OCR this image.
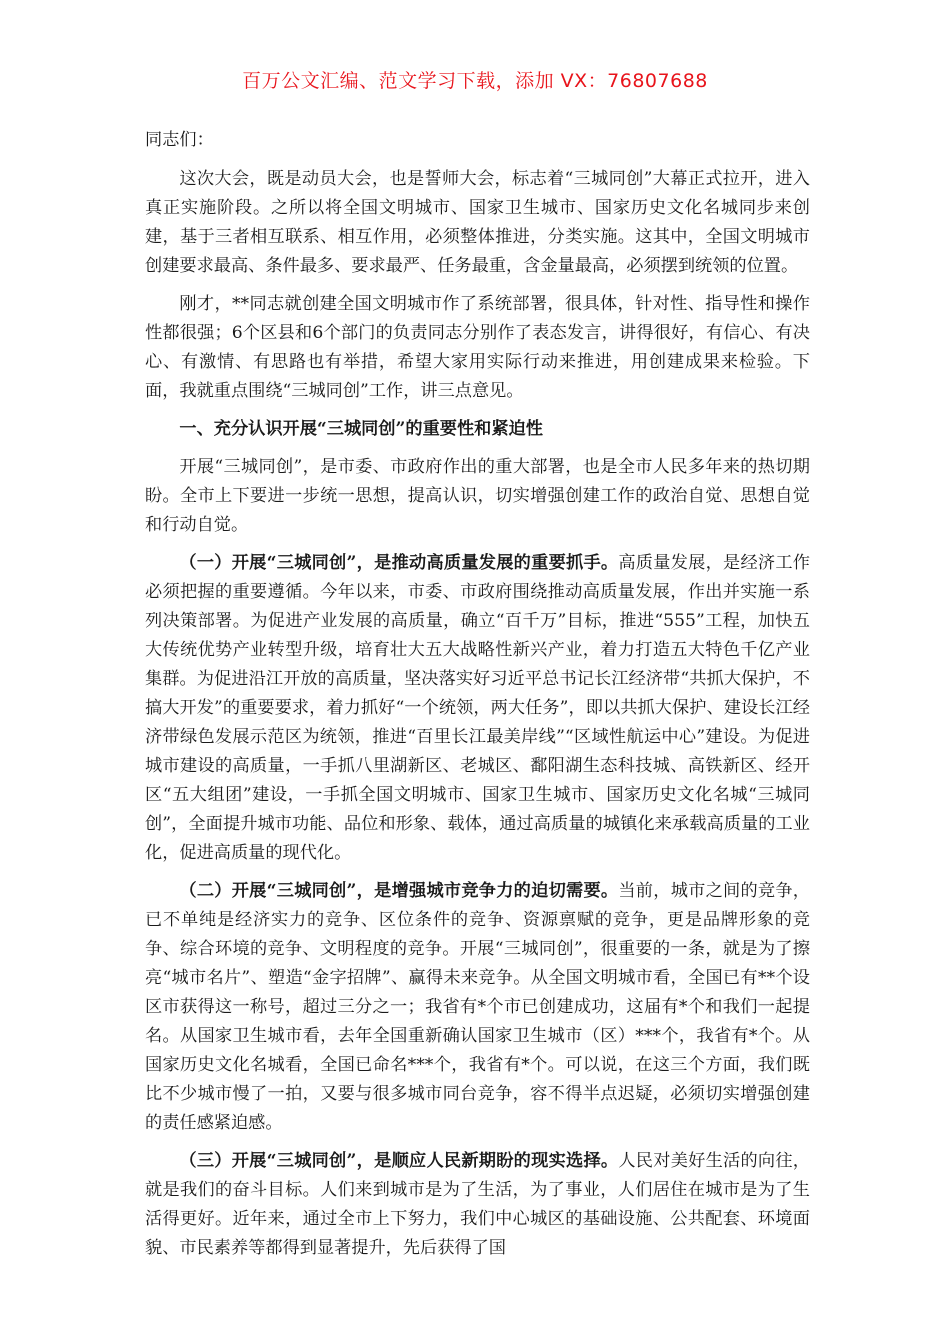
百万公文汇编、范文学习下载，添加 VX：76807688

同志们：

这次大会，既是动员大会，也是誓师大会，标志着“三城同创”大幕正式拉开，进入真正实施阶段。之所以将全国文明城市、国家卫生城市、国家历史文化名城同步来创建，基于三者相互联系、相互作用，必须整体推进，分类实施。这其中，全国文明城市创建要求最高、条件最多、要求最严、任务最重，含金量最高，必须摆到统领的位置。

刚才，**同志就创建全国文明城市作了系统部署，很具体，针对性、指导性和操作性都很强；6个区县和6个部门的负责同志分别作了表态发言，讲得很好，有信心、有决心、有激情、有思路也有举措，希望大家用实际行动来推进，用创建成果来检验。下面，我就重点围绕“三城同创”工作，讲三点意见。

一、充分认识开展“三城同创”的重要性和紧迫性

开展“三城同创”，是市委、市政府作出的重大部署，也是全市人民多年来的热切期盼。全市上下要进一步统一思想，提高认识，切实增强创建工作的政治自觉、思想自觉和行动自觉。

（一）开展“三城同创”，是推动高质量发展的重要抓手。高质量发展，是经济工作必须把握的重要遵循。今年以来，市委、市政府围绕推动高质量发展，作出并实施一系列决策部署。为促进产业发展的高质量，确立“百千万”目标，推进“555”工程，加快五大传统优势产业转型升级，培育壮大五大战略性新兴产业，着力打造五大特色千亿产业集群。为促进沿江开放的高质量，坚决落实好习近平总书记长江经济带“共抓大保护，不搞大开发”的重要要求，着力抓好“一个统领，两大任务”，即以共抓大保护、建设长江经济带绿色发展示范区为统领，推进“百里长江最美岸线”“区域性航运中心”建设。为促进城市建设的高质量，一手抓八里湖新区、老城区、鄱阳湖生态科技城、高铁新区、经开区“五大组团”建设，一手抓全国文明城市、国家卫生城市、国家历史文化名城“三城同创”，全面提升城市功能、品位和形象、载体，通过高质量的城镇化来承载高质量的工业化，促进高质量的现代化。

（二）开展“三城同创”，是增强城市竞争力的迫切需要。当前，城市之间的竞争，已不单纯是经济实力的竞争、区位条件的竞争、资源禀赋的竞争，更是品牌形象的竞争、综合环境的竞争、文明程度的竞争。开展“三城同创”，很重要的一条，就是为了擦亮“城市名片”、塑造“金字招牌”、赢得未来竞争。从全国文明城市看，全国已有**个设区市获得这一称号，超过三分之一；我省有*个市已创建成功，这届有*个和我们一起提名。从国家卫生城市看，去年全国重新确认国家卫生城市（区）***个，我省有*个。从国家历史文化名城看，全国已命名***个，我省有*个。可以说，在这三个方面，我们既比不少城市慢了一拍，又要与很多城市同台竞争，容不得半点迟疑，必须切实增强创建的责任感紧迫感。

（三）开展“三城同创”，是顺应人民新期盼的现实选择。人民对美好生活的向往，就是我们的奋斗目标。人们来到城市是为了生活，为了事业，人们居住在城市是为了生活得更好。近年来，通过全市上下努力，我们中心城区的基础设施、公共配套、环境面貌、市民素养等都得到显著提升，先后获得了国
